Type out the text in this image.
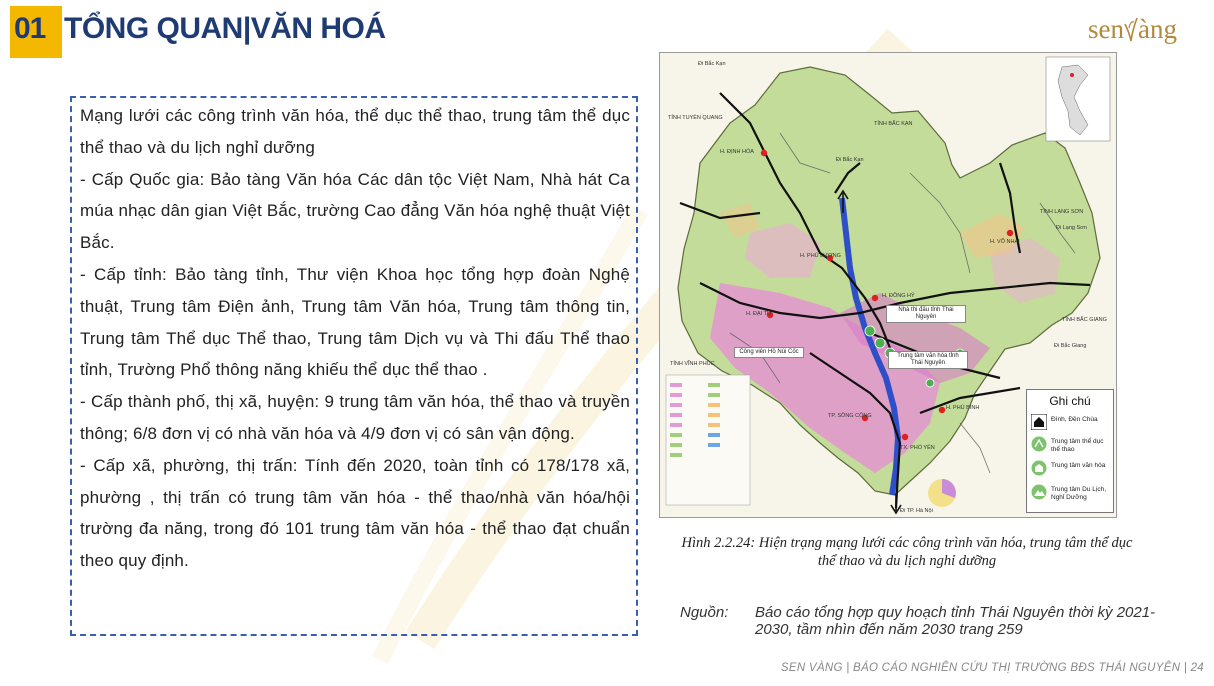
01 TỔNG QUAN|VĂN HOÁ	sen àng

Mạng lưới các công trình văn hóa, thể dục thể thao, trung tâm thể dục thể thao và du lịch nghỉ dưỡng

- Cấp Quốc gia: Bảo tàng Văn hóa Các dân tộc Việt Nam, Nhà hát Ca múa nhạc dân gian Việt Bắc, trường Cao đẳng Văn hóa nghệ thuật Việt Bắc.

- Cấp tỉnh: Bảo tàng tỉnh, Thư viện Khoa học tổng hợp đoàn Nghệ thuật, Trung tâm Điện ảnh, Trung tâm Văn hóa, Trung tâm thông tin, Trung tâm Thể dục Thể thao, Trung tâm Dịch vụ và Thi đấu Thể thao tỉnh, Trường Phổ thông năng khiếu thể dục thể thao .

- Cấp thành phố, thị xã, huyện: 9 trung tâm văn hóa, thể thao và truyền thông; 6/8 đơn vị có nhà văn hóa và 4/9 đơn vị có sân vận động.

- Cấp xã, phường, thị trấn: Tính đến 2020, toàn tỉnh có 178/178 xã, phường , thị trấn có trung tâm văn hóa - thể thao/nhà văn hóa/hội trường đa năng, trong đó 101 trung tâm văn hóa - thể thao đạt chuẩn theo quy định.

Đi Bắc Kạn
TỈNH TUYÊN QUANG
TỈNH BẮC KẠN
Đi Bắc Kạn
TỈNH LẠNG SƠN
Đi Lạng Sơn
TỈNH BẮC GIANG
Đi Bắc Giang
TỈNH VĨNH PHÚC
Đi TP. Hà Nội
H. ĐỊNH HÓA
H. PHÚ LƯƠNG
H. VÕ NHAI
H. ĐẠI TỪ
H. ĐỒNG HỶ
TP. SÔNG CÔNG
H. PHÚ BÌNH
TX. PHỔ YÊN
Nhà thi đấu tỉnh Thái Nguyên
Công viên Hồ Núi Cốc
Trung tâm văn hóa tỉnh Thái Nguyên
Ghi chú
Đình, Đền Chùa
Trung tâm thể dục thể thao
Trung tâm văn hóa
Trung tâm Du Lịch, Nghỉ Dưỡng
Hình 2.2.24: Hiện trạng mạng lưới các công trình văn hóa, trung tâm thể dục thể thao và du lịch nghỉ dưỡng
Nguồn: Báo cáo tổng hợp quy hoạch tỉnh Thái Nguyên thời kỳ 2021-2030, tầm nhìn đến năm 2030 trang 259
SEN VÀNG | BÁO CÁO NGHIÊN CỨU THỊ TRƯỜNG BĐS THÁI NGUYÊN | 24
